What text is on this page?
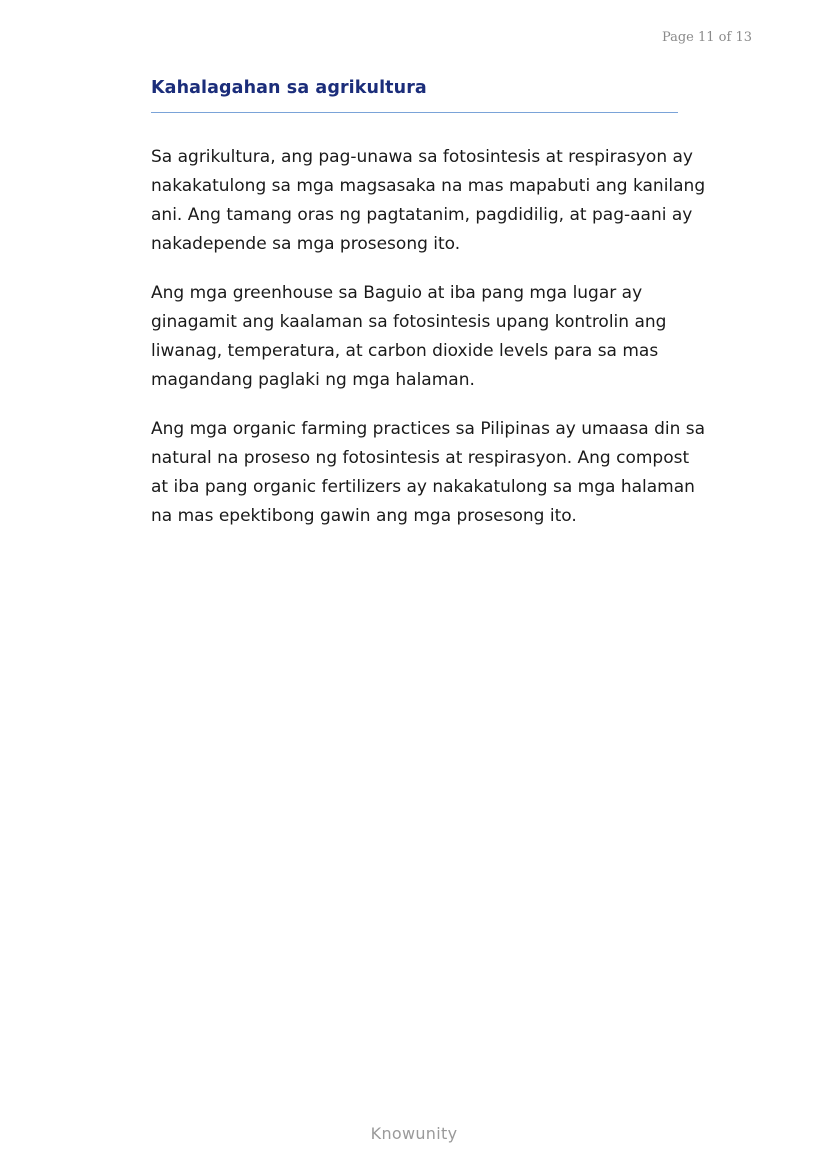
Page 11 of 13
Kahalagahan sa agrikultura

Sa agrikultura, ang pag-unawa sa fotosintesis at respirasyon ay nakakatulong sa mga magsasaka na mas mapabuti ang kanilang ani. Ang tamang oras ng pagtatanim, pagdidilig, at pag-aani ay nakadepende sa mga prosesong ito.

Ang mga greenhouse sa Baguio at iba pang mga lugar ay ginagamit ang kaalaman sa fotosintesis upang kontrolin ang liwanag, temperatura, at carbon dioxide levels para sa mas magandang paglaki ng mga halaman.

Ang mga organic farming practices sa Pilipinas ay umaasa din sa natural na proseso ng fotosintesis at respirasyon. Ang compost at iba pang organic fertilizers ay nakakatulong sa mga halaman na mas epektibong gawin ang mga prosesong ito.

Knowunity
